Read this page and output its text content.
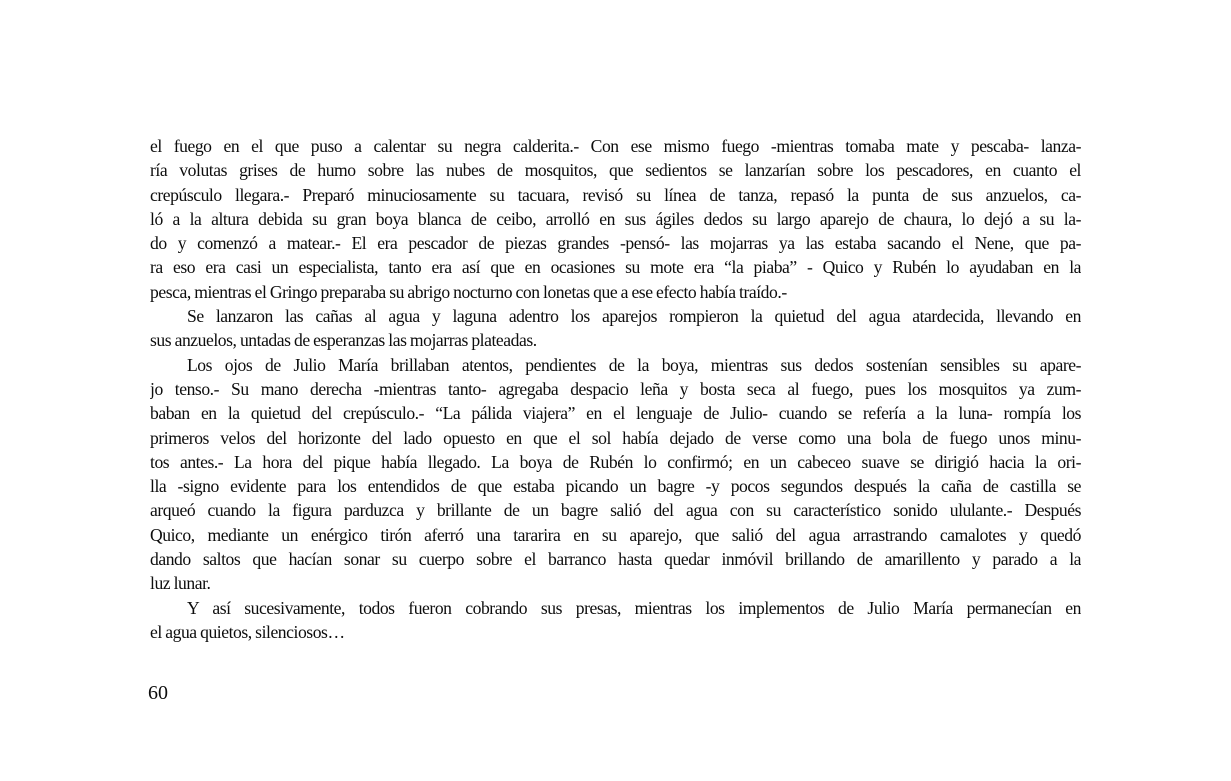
el fuego en el que puso a calentar su negra calderita.- Con ese mismo fuego -mientras tomaba mate y pescaba- lanza-
ría volutas grises de humo sobre las nubes de mosquitos, que sedientos se lanzarían sobre los pescadores, en cuanto el
crepúsculo llegara.- Preparó minuciosamente su tacuara, revisó su línea de tanza, repasó la punta de sus anzuelos, ca-
ló a la altura debida su gran boya blanca de ceibo, arrolló en sus ágiles dedos su largo aparejo de chaura, lo dejó a su la-
do y comenzó a matear.- El era pescador de piezas grandes -pensó- las mojarras ya las estaba sacando el Nene, que pa-
ra eso era casi un especialista, tanto era así que en ocasiones su mote era “la piaba” - Quico y Rubén lo ayudaban en la
pesca, mientras el Gringo preparaba su abrigo nocturno con lonetas que a ese efecto había traído.-
Se lanzaron las cañas al agua y laguna adentro los aparejos rompieron la quietud del agua atardecida, llevando en
sus anzuelos, untadas de esperanzas las mojarras plateadas.
Los ojos de Julio María brillaban atentos, pendientes de la boya, mientras sus dedos sostenían sensibles su apare-
jo tenso.- Su mano derecha -mientras tanto- agregaba despacio leña y bosta seca al fuego, pues los mosquitos ya zum-
baban en la quietud del crepúsculo.- “La pálida viajera” en el lenguaje de Julio- cuando se refería a la luna- rompía los
primeros velos del horizonte del lado opuesto en que el sol había dejado de verse como una bola de fuego unos minu-
tos antes.- La hora del pique había llegado. La boya de Rubén lo confirmó; en un cabeceo suave se dirigió hacia la ori-
lla -signo evidente para los entendidos de que estaba picando un bagre -y pocos segundos después la caña de castilla se
arqueó cuando la figura parduzca y brillante de un bagre salió del agua con su característico sonido ululante.- Después
Quico, mediante un enérgico tirón aferró una tararira en su aparejo, que salió del agua arrastrando camalotes y quedó
dando saltos que hacían sonar su cuerpo sobre el barranco hasta quedar inmóvil brillando de amarillento y parado a la
luz lunar.
Y así sucesivamente, todos fueron cobrando sus presas, mientras los implementos de Julio María permanecían en
el agua quietos, silenciosos…
60
